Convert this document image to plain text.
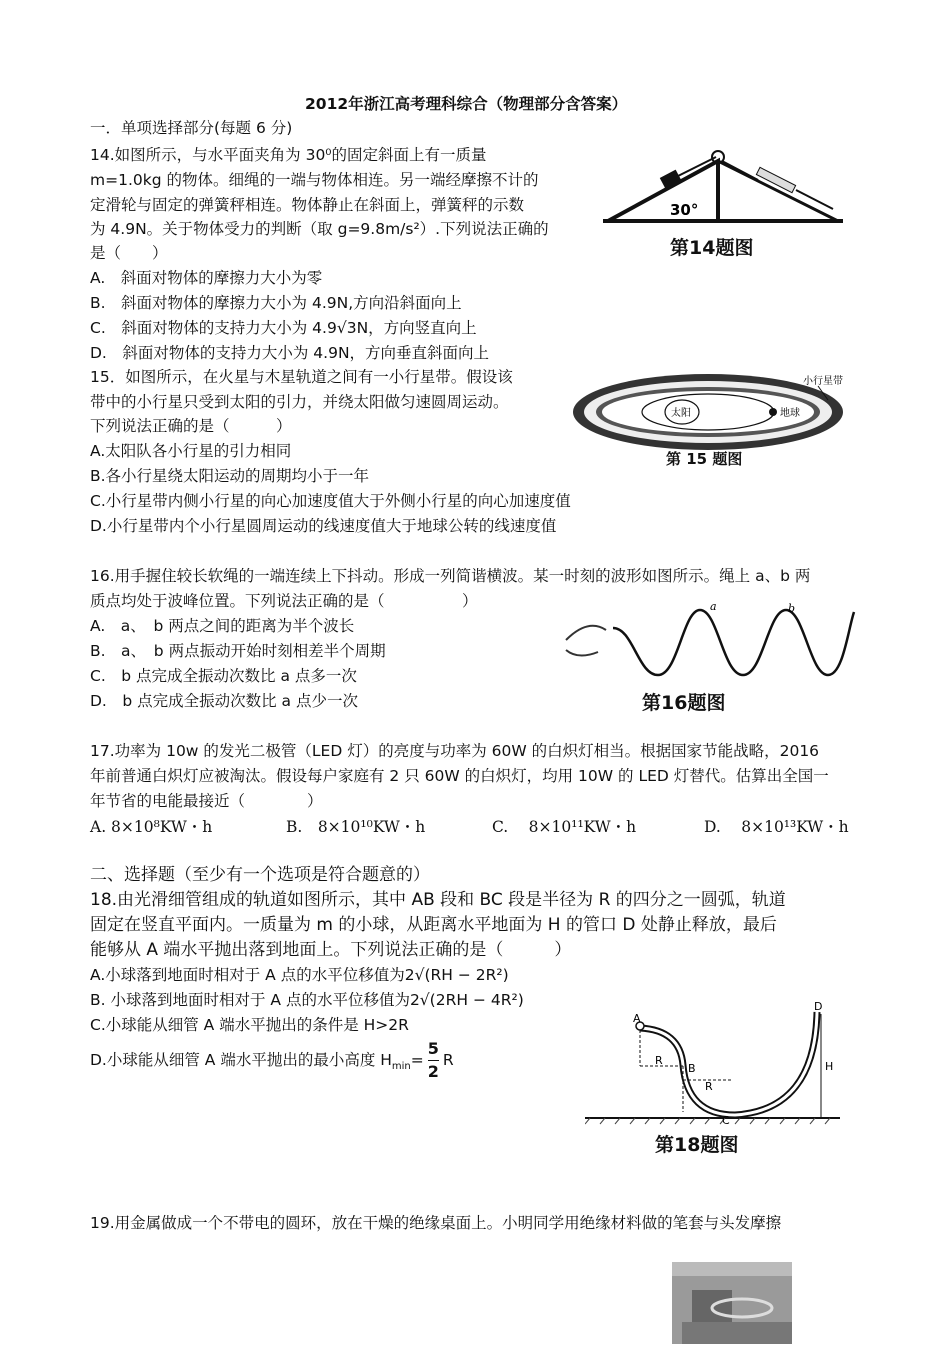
2012年浙江高考理科综合（物理部分含答案）
一．单项选择部分(每题 6 分)
14.如图所示，与水平面夹角为 30⁰的固定斜面上有一质量
m=1.0kg 的物体。细绳的一端与物体相连。另一端经摩擦不计的
定滑轮与固定的弹簧秤相连。物体静止在斜面上，弹簧秤的示数
为 4.9N。关于物体受力的判断（取 g=9.8m/s²）.下列说法正确的
是（　　）
A.　斜面对物体的摩擦力大小为零
B.　斜面对物体的摩擦力大小为 4.9N,方向沿斜面向上
C.　斜面对物体的支持力大小为 4.9√3N，方向竖直向上
D.　斜面对物体的支持力大小为 4.9N，方向垂直斜面向上
30°
第14题图
15．如图所示，在火星与木星轨道之间有一小行星带。假设该
带中的小行星只受到太阳的引力，并绕太阳做匀速圆周运动。
下列说法正确的是（　　　）
A.太阳队各小行星的引力相同
B.各小行星绕太阳运动的周期均小于一年
C.小行星带内侧小行星的向心加速度值大于外侧小行星的向心加速度值
D.小行星带内个小行星圆周运动的线速度值大于地球公转的线速度值
太阳	地球
小行星带
第 15 题图
16.用手握住较长软绳的一端连续上下抖动。形成一列简谐横波。某一时刻的波形如图所示。绳上 a、b 两
质点均处于波峰位置。下列说法正确的是（　　　　　）
A.　a、　b 两点之间的距离为半个波长
B.　a、　b 两点振动开始时刻相差半个周期
C.　b 点完成全振动次数比 a 点多一次
D.　b 点完成全振动次数比 a 点少一次
a	b
第16题图
17.功率为 10w 的发光二极管（LED 灯）的亮度与功率为 60W 的白炽灯相当。根据国家节能战略，2016
年前普通白炽灯应被淘汰。假设每户家庭有 2 只 60W 的白炽灯，均用 10W 的 LED 灯替代。估算出全国一
年节省的电能最接近（　　　　）
A. 8×10⁸KW・h	B.　8×10¹⁰KW・h	C.　 8×10¹¹KW・h	D.　 8×10¹³KW・h
二、选择题（至少有一个选项是符合题意的）
18.由光滑细管组成的轨道如图所示，其中 AB 段和 BC 段是半径为 R 的四分之一圆弧，轨道
固定在竖直平面内。一质量为 m 的小球，从距离水平地面为 H 的管口 D 处静止释放，最后
能够从 A 端水平抛出落到地面上。下列说法正确的是（　　　）
A.小球落到地面时相对于 A 点的水平位移值为2√(RH − 2R²)
B. 小球落到地面时相对于 A 点的水平位移值为2√(2RH − 4R²)
C.小球能从细管 A 端水平抛出的条件是 H>2R
D.小球能从细管 A 端水平抛出的最小高度 $H_{min}= \frac{5}{2}$ R
A
B
C
D
R
R
H
第18题图
19.用金属做成一个不带电的圆环，放在干燥的绝缘桌面上。小明同学用绝缘材料做的笔套与头发摩擦
